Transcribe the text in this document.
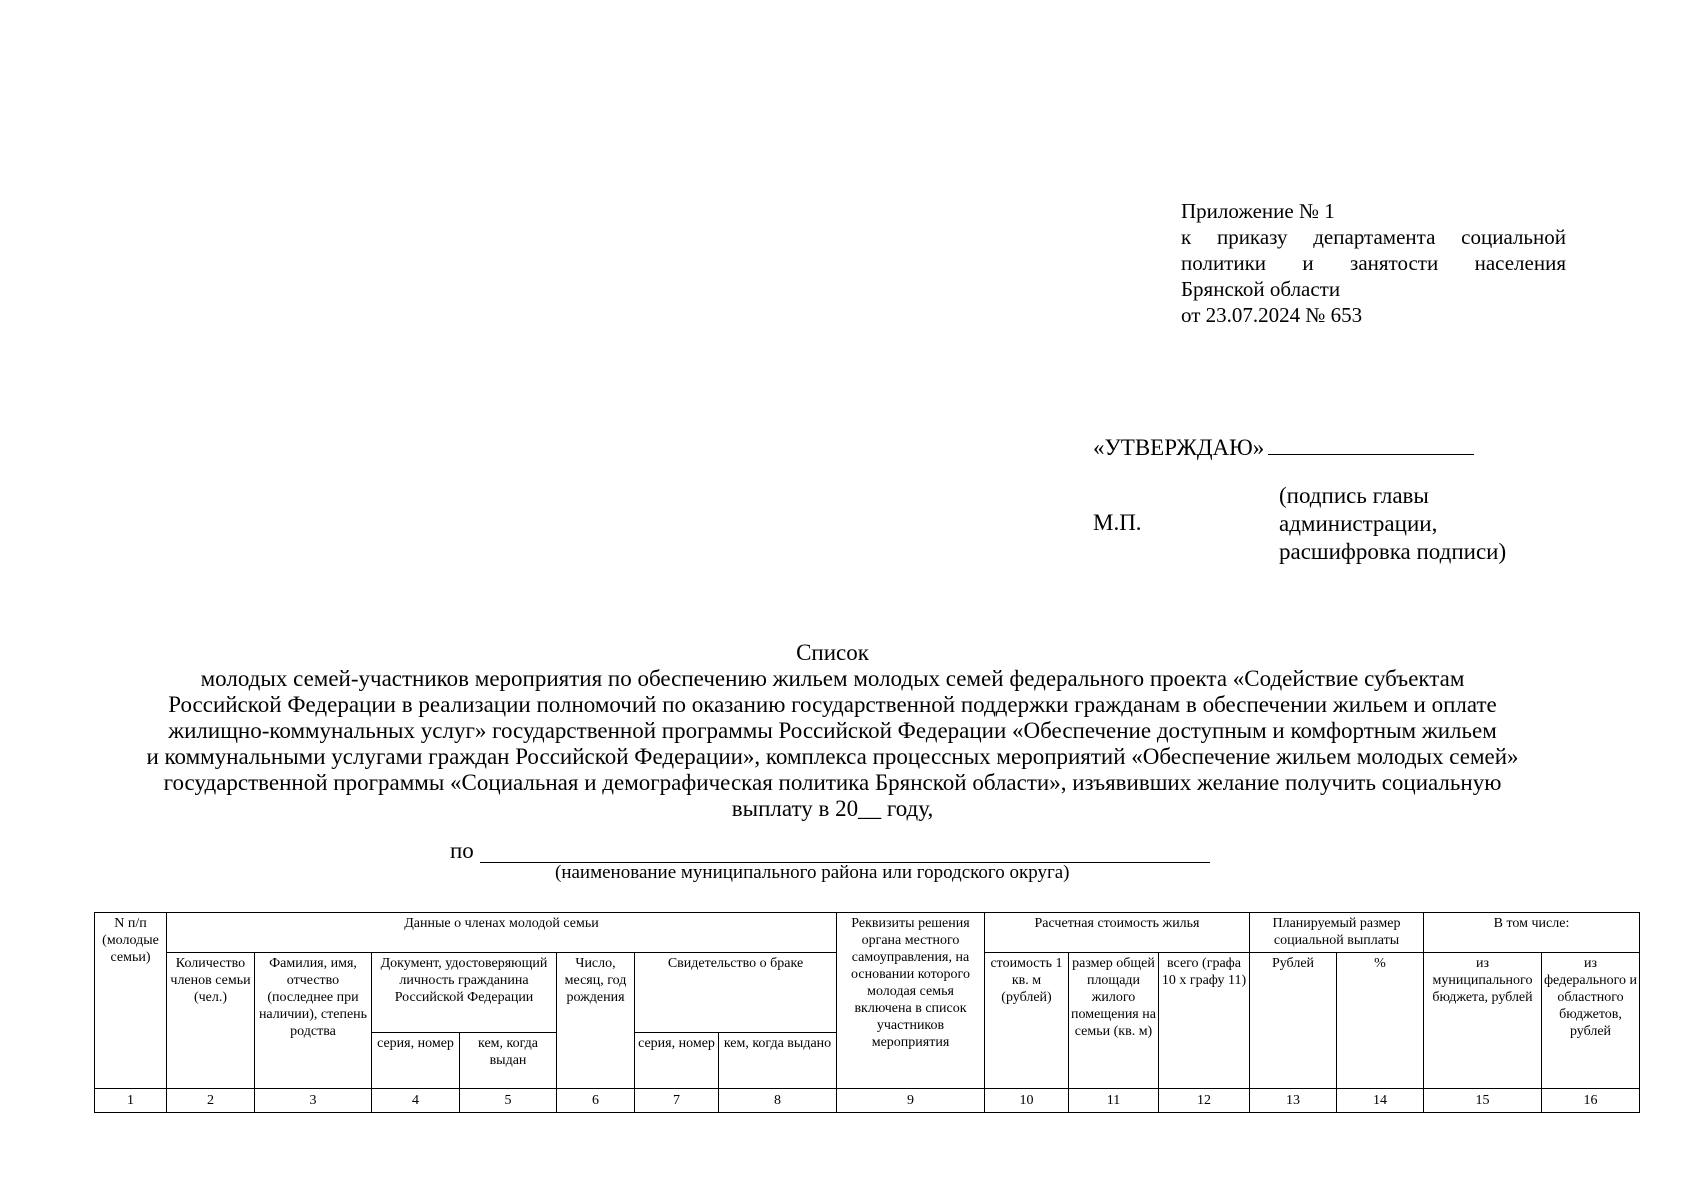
Приложение № 1
к приказу департамента социальной
политики и занятости населения
Брянской области
от 23.07.2024 № 653
«УТВЕРЖДАЮ»
М.П.
(подпись главы
администрации,
расшифровка подписи)
Список
молодых семей-участников мероприятия по обеспечению жильем молодых семей федерального проекта «Содействие субъектам
Российской Федерации в реализации полномочий по оказанию государственной поддержки гражданам в обеспечении жильем и оплате
жилищно-коммунальных услуг» государственной программы Российской Федерации «Обеспечение доступным и комфортным жильем
и коммунальными услугами граждан Российской Федерации», комплекса процессных мероприятий «Обеспечение жильем молодых семей»
государственной программы «Социальная и демографическая политика Брянской области», изъявивших желание получить социальную
выплату в 20__ году,
по
(наименование муниципального района или городского округа)
N п/п (молодые семьи)	Данные о членах молодой семьи							Реквизиты решения органа местного самоуправления, на основании которого молодая семья включена в список участников мероприятия	Расчетная стоимость жилья			Планируемый размер социальной выплаты		В том числе:	
	Количество членов семьи (чел.)	Фамилия, имя, отчество (последнее при наличии), степень родства	Документ, удостоверяющий личность гражданина Российской Федерации		Число, месяц, год рождения	Свидетельство о браке			стоимость 1 кв. м (рублей)	размер общей площади жилого помещения на семьи (кв. м)	всего (графа 10 x графу 11)	Рублей	%	из муниципального бюджета, рублей	из федерального и областного бюджетов, рублей
			серия, номер	кем, когда выдан		серия, номер	кем, когда выдано								
1	2	3	4	5	6	7	8	9	10	11	12	13	14	15	16
